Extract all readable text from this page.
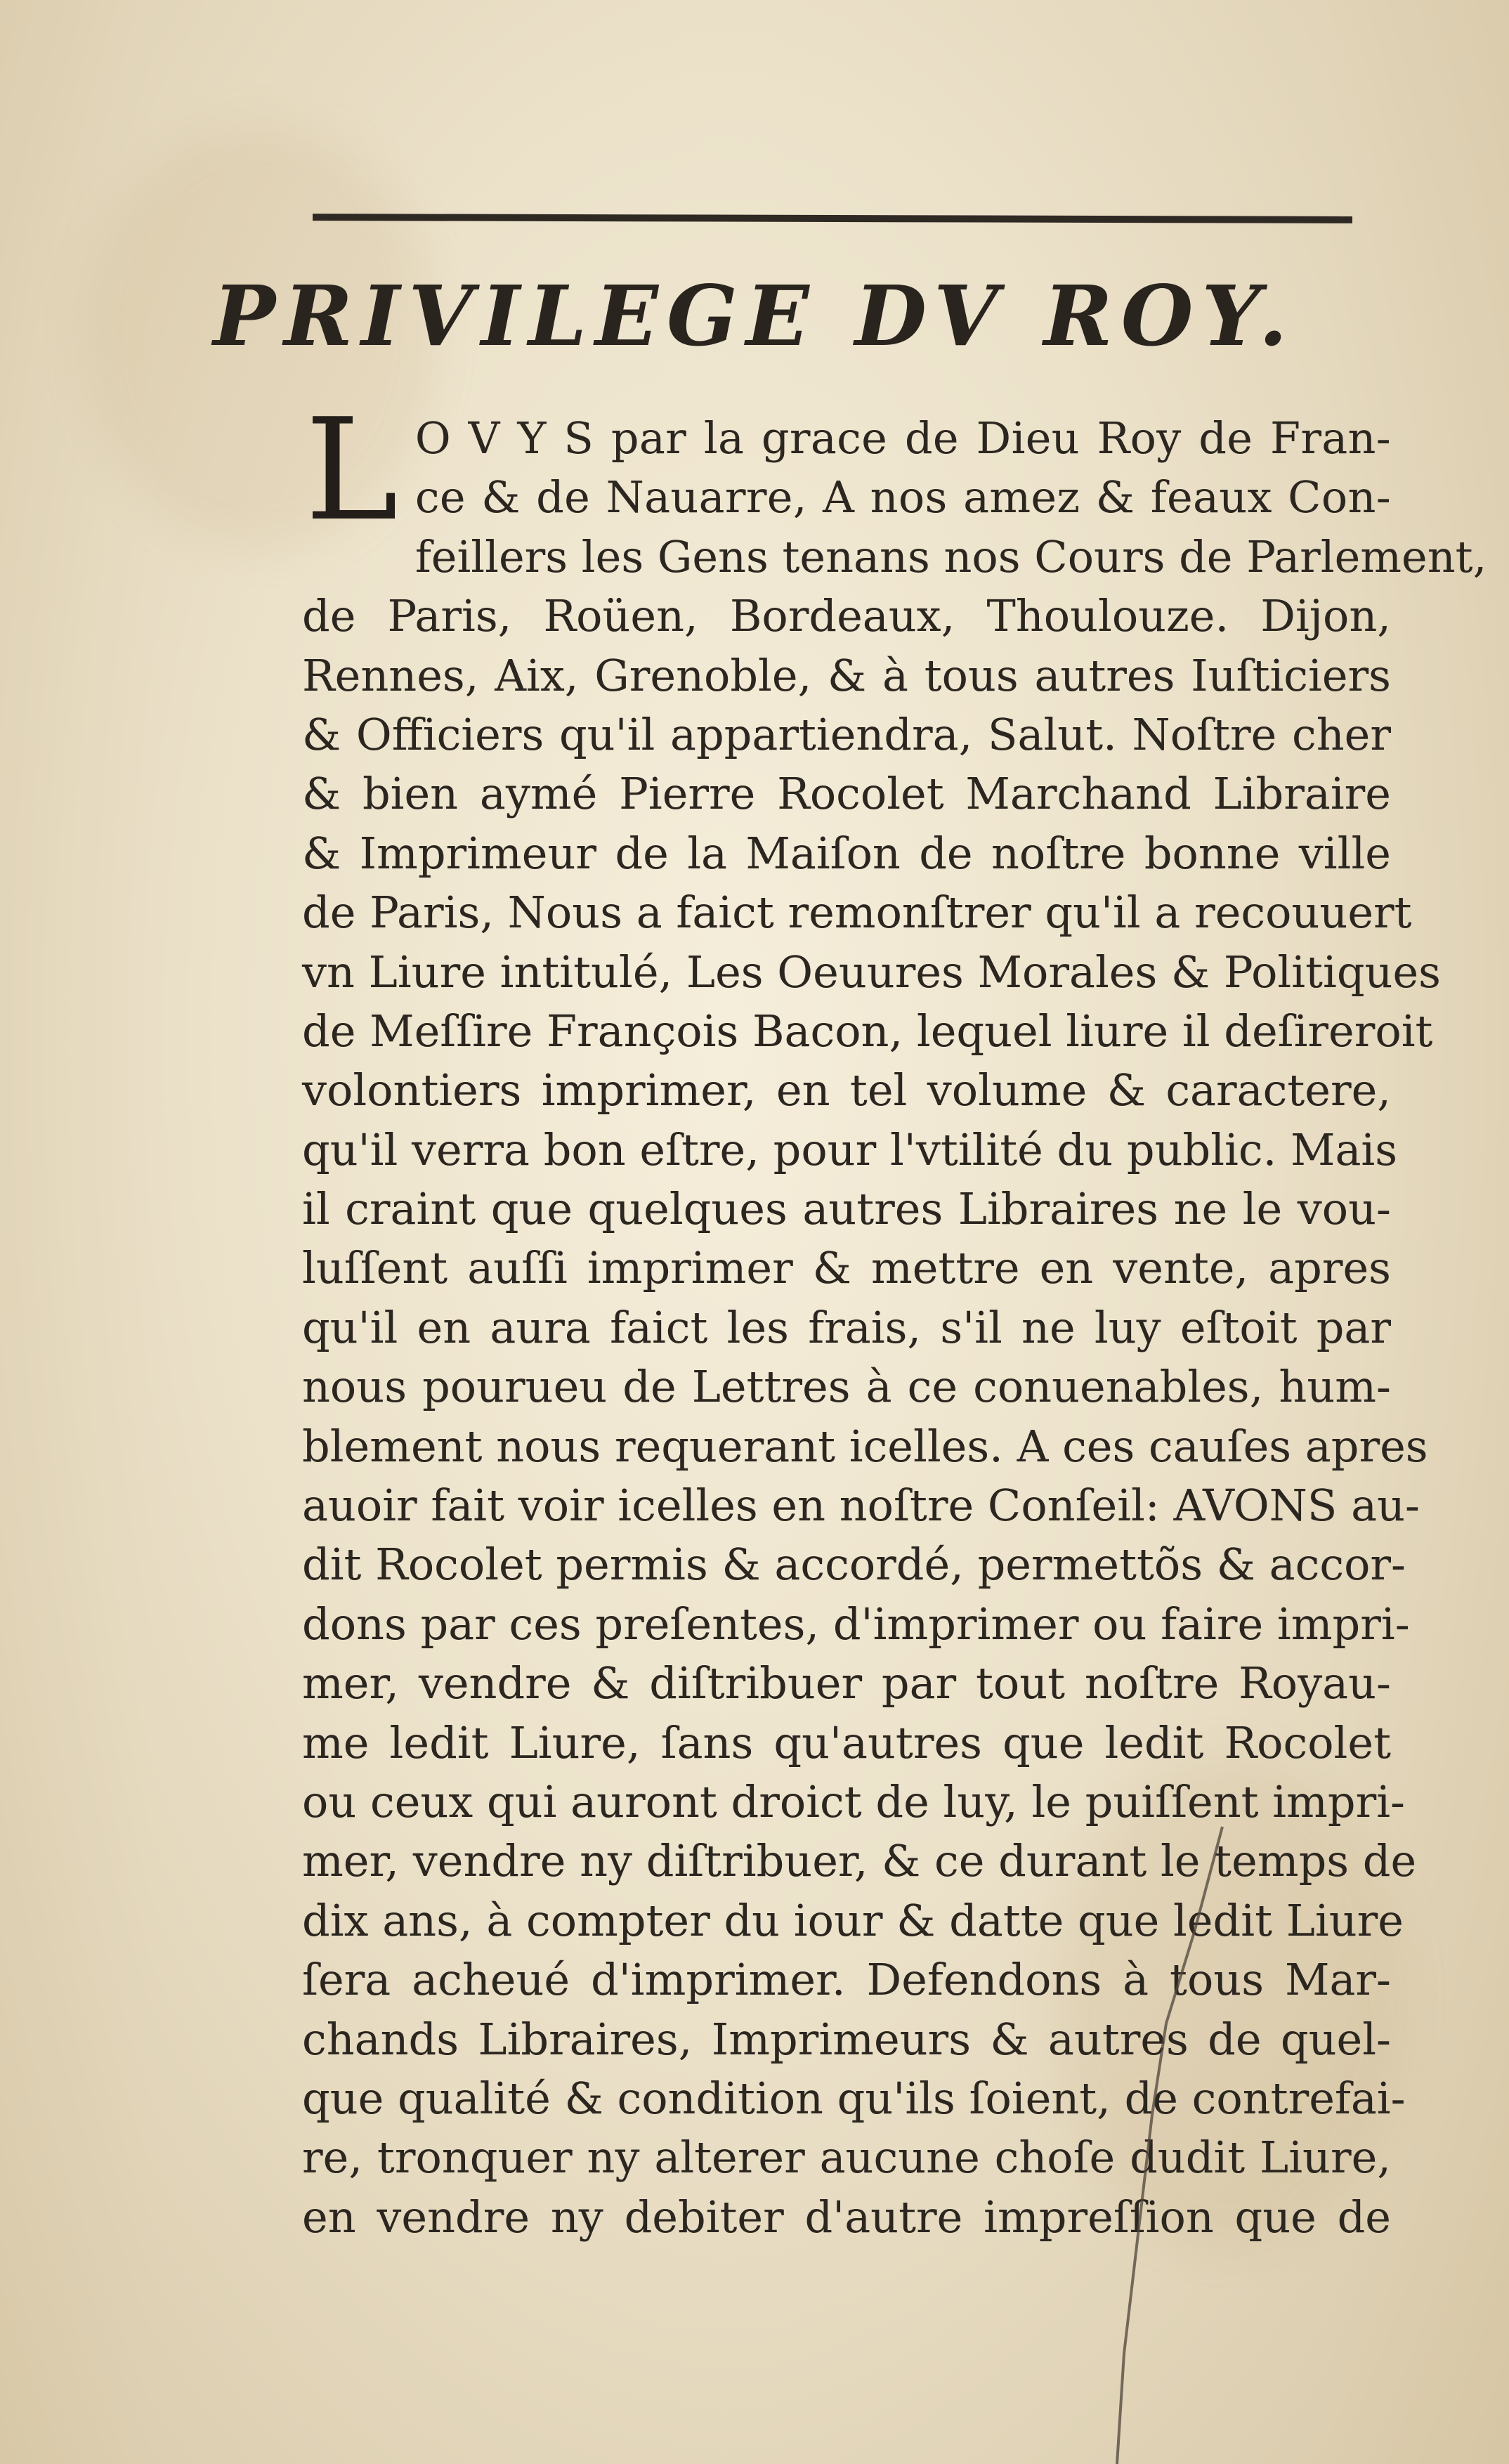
PRIVILEGE DV ROY.
L O V Y S par la grace de Dieu Roy de Fran-
ce & de Nauarre, A nos amez & feaux Con-
feillers les Gens tenans nos Cours de Parlement,
de Paris, Roüen, Bordeaux, Thoulouze. Dijon,
Rennes, Aix, Grenoble, & à tous autres Iuſticiers
& Officiers qu'il appartiendra, Salut. Noſtre cher
& bien aymé Pierre Rocolet Marchand Libraire
& Imprimeur de la Maiſon de noſtre bonne ville
de Paris, Nous a faict remonſtrer qu'il a recouuert
vn Liure intitulé, Les Oeuures Morales & Politiques
de Meſſire François Bacon, lequel liure il deſireroit
volontiers imprimer, en tel volume & caractere,
qu'il verra bon eſtre, pour l'vtilité du public. Mais
il craint que quelques autres Libraires ne le vou-
luſſent auſſi imprimer & mettre en vente, apres
qu'il en aura faict les frais, s'il ne luy eſtoit par
nous pourueu de Lettres à ce conuenables, hum-
blement nous requerant icelles. A ces cauſes apres
auoir fait voir icelles en noſtre Conſeil: AVONS au-
dit Rocolet permis & accordé, permettõs & accor-
dons par ces preſentes, d'imprimer ou faire impri-
mer, vendre & diſtribuer par tout noſtre Royau-
me ledit Liure, ſans qu'autres que ledit Rocolet
ou ceux qui auront droict de luy, le puiſſent impri-
mer, vendre ny diſtribuer, & ce durant le temps de
dix ans, à compter du iour & datte que ledit Liure
ſera acheué d'imprimer. Defendons à tous Mar-
chands Libraires, Imprimeurs & autres de quel-
que qualité & condition qu'ils ſoient, de contrefai-
re, tronquer ny alterer aucune choſe dudit Liure,
en vendre ny debiter d'autre impreſſion que de
